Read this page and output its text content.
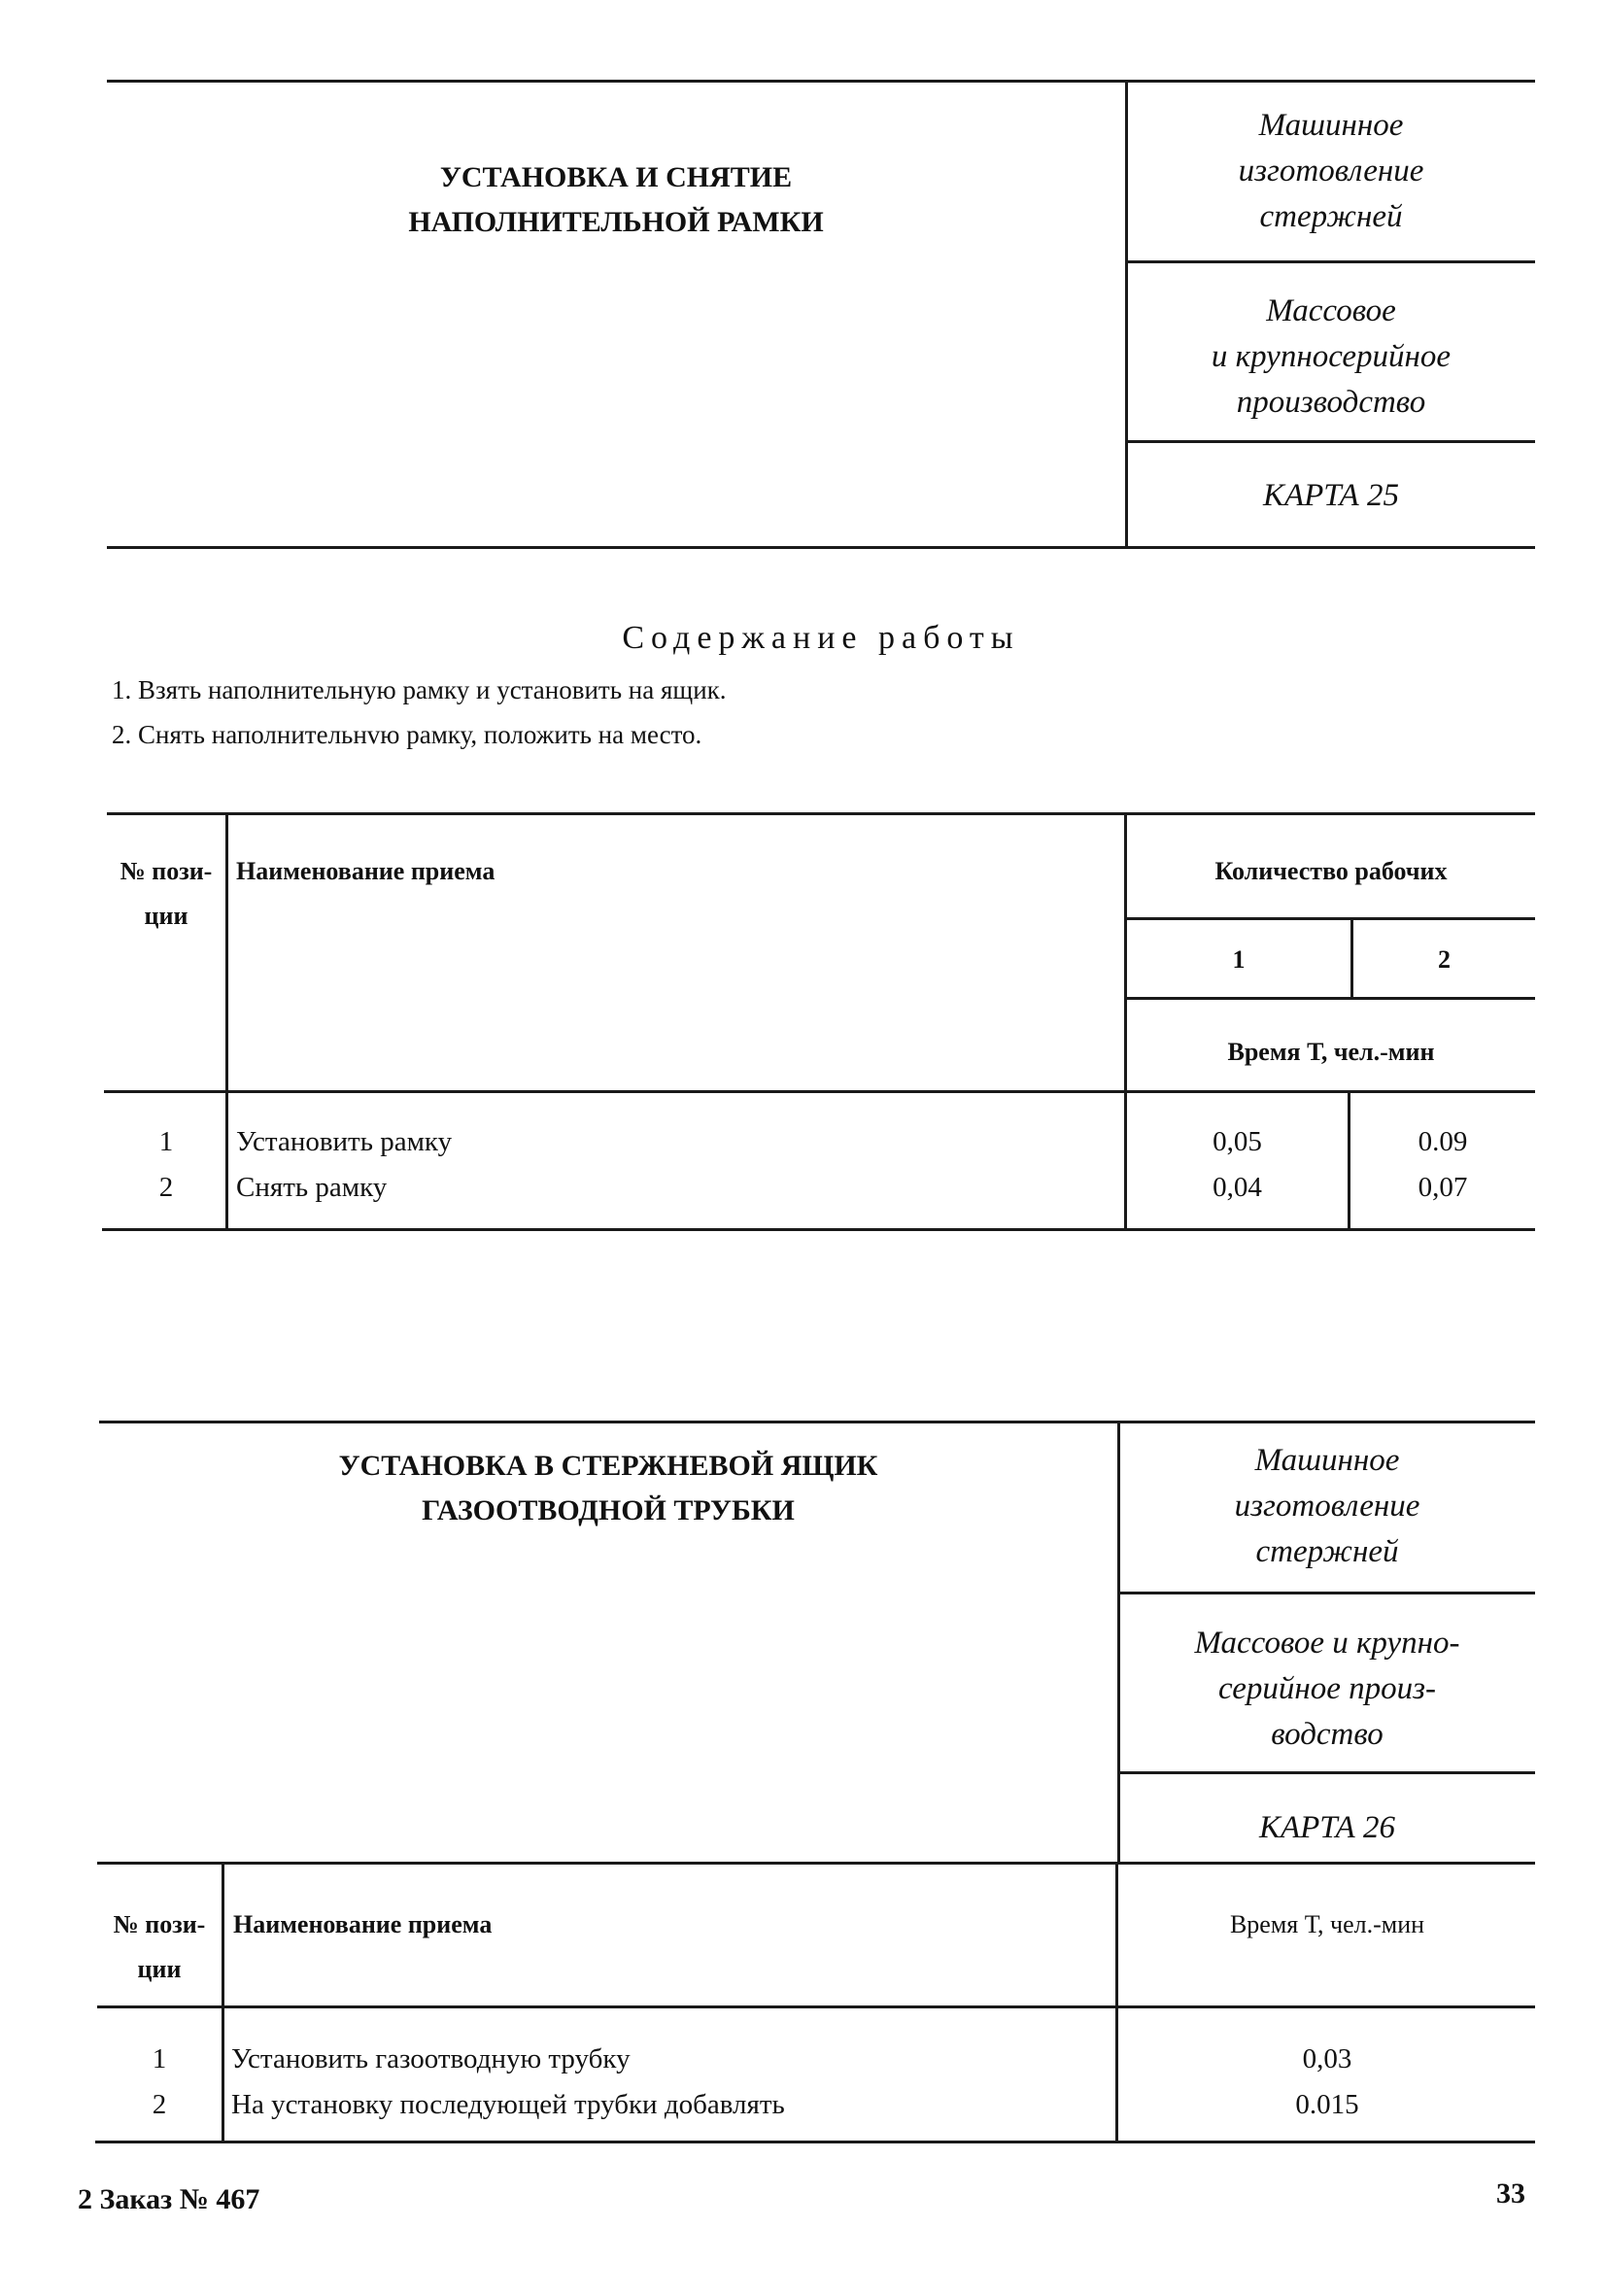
УСТАНОВКА И СНЯТИЕ
НАПОЛНИТЕЛЬНОЙ РАМКИ
Машинное
изготовление
стержней
Массовое
и крупносерийное
производство
КАРТА 25
Содержание работы
1. Взять наполнительную рамку и установить на ящик.
2. Снять наполнительнvю рамку, положить на место.
№ пози-
ции
Наименование приема	Количество рабочих
1	2
Время Т, чел.-мин
1	Установить рамку	0,05	0.09
2	Снять рамку	0,04	0,07
УСТАНОВКА В СТЕРЖНЕВОЙ ЯЩИК
ГАЗООТВОДНОЙ ТРУБКИ
Машинное
изготовление
стержней
Массовое и крупно-
серийное произ-
водство
КАРТА 26
№ пози-
ции
Наименование приема	Время Т, чел.-мин
1	Установить газоотводную трубку	0,03
2	На установку последующей трубки добавлять	0.015
2 Заказ № 467	33
